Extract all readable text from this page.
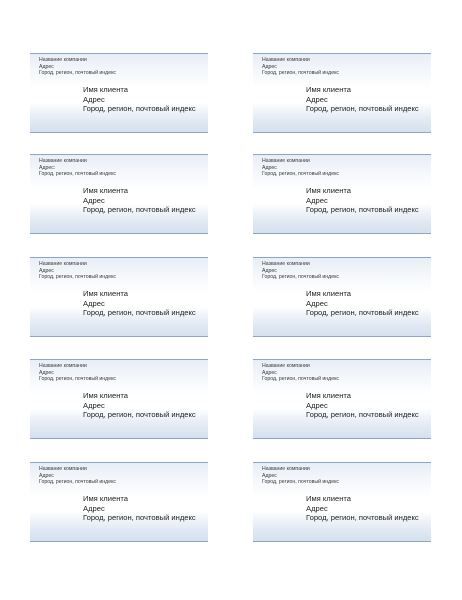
Название компании
Адрес
Город, регион, почтовый индекс
Имя клиента
Адрес
Город, регион, почтовый индекс
Название компании
Адрес
Город, регион, почтовый индекс
Имя клиента
Адрес
Город, регион, почтовый индекс
Название компании
Адрес:
Город, регион, почтовый индекс
Имя клиента
Адрес
Город, регион, почтовый индекс
Название компании
Адрес
Город, регион, почтовый индекс
Имя клиента
Адрес
Город, регион, почтовый индекс
Название компании
Адрес
Город, регион, почтовый индекс
Имя клиента
Адрес
Город, регион, почтовый индекс
Название компании
Адрес
Город, регион, почтовый индекс
Имя клиента
Адрес
Город, регион, почтовый индекс
Название компании
Адрес
Город, регион, почтовый индекс
Имя клиента
Адрес
Город, регион, почтовый индекс
Название компании
Адрес
Город, регион, почтовый индекс
Имя клиента
Адрес
Город, регион, почтовый индекс
Название компании
Адрес
Город, регион, почтовый индекс
Имя клиента
Адрес
Город, регион, почтовый индекс
Название компании
Адрес
Город, регион, почтовый индекс
Имя клиента
Адрес
Город, регион, почтовый индекс
